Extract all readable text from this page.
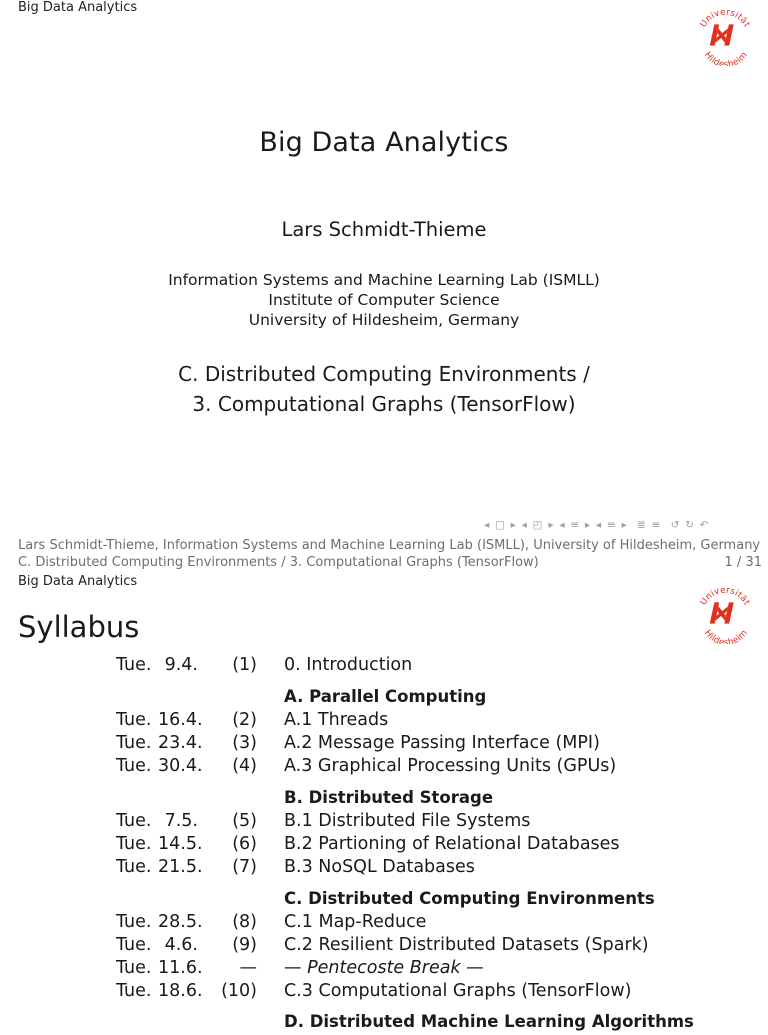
Big Data Analytics
Universität
Hildesheim
Big Data Analytics
Lars Schmidt-Thieme
Information Systems and Machine Learning Lab (ISMLL)
Institute of Computer Science
University of Hildesheim, Germany
C. Distributed Computing Environments /
3. Computational Graphs (TensorFlow)
◂ □ ▸ ◂ ◰ ▸ ◂ ≡ ▸ ◂ ≡ ▸  ≣ ≡  ↺ ↻ ↶
Lars Schmidt-Thieme, Information Systems and Machine Learning Lab (ISMLL), University of Hildesheim, Germany
C. Distributed Computing Environments / 3. Computational Graphs (TensorFlow)	1 / 31
Big Data Analytics
Universität
Hildesheim
Syllabus
Tue. 9.4.	(1) 0. Introduction
A. Parallel Computing
Tue. 16.4.	(2) A.1 Threads
Tue. 23.4.	(3) A.2 Message Passing Interface (MPI)
Tue. 30.4.	(4) A.3 Graphical Processing Units (GPUs)
B. Distributed Storage
Tue. 7.5.	(5) B.1 Distributed File Systems
Tue. 14.5.	(6) B.2 Partioning of Relational Databases
Tue. 21.5.	(7) B.3 NoSQL Databases
C. Distributed Computing Environments
Tue. 28.5.	(8) C.1 Map-Reduce
Tue. 4.6.	(9) C.2 Resilient Distributed Datasets (Spark)
Tue. 11.6.	— — Pentecoste Break —
Tue. 18.6. (10) C.3 Computational Graphs (TensorFlow)
D. Distributed Machine Learning Algorithms
